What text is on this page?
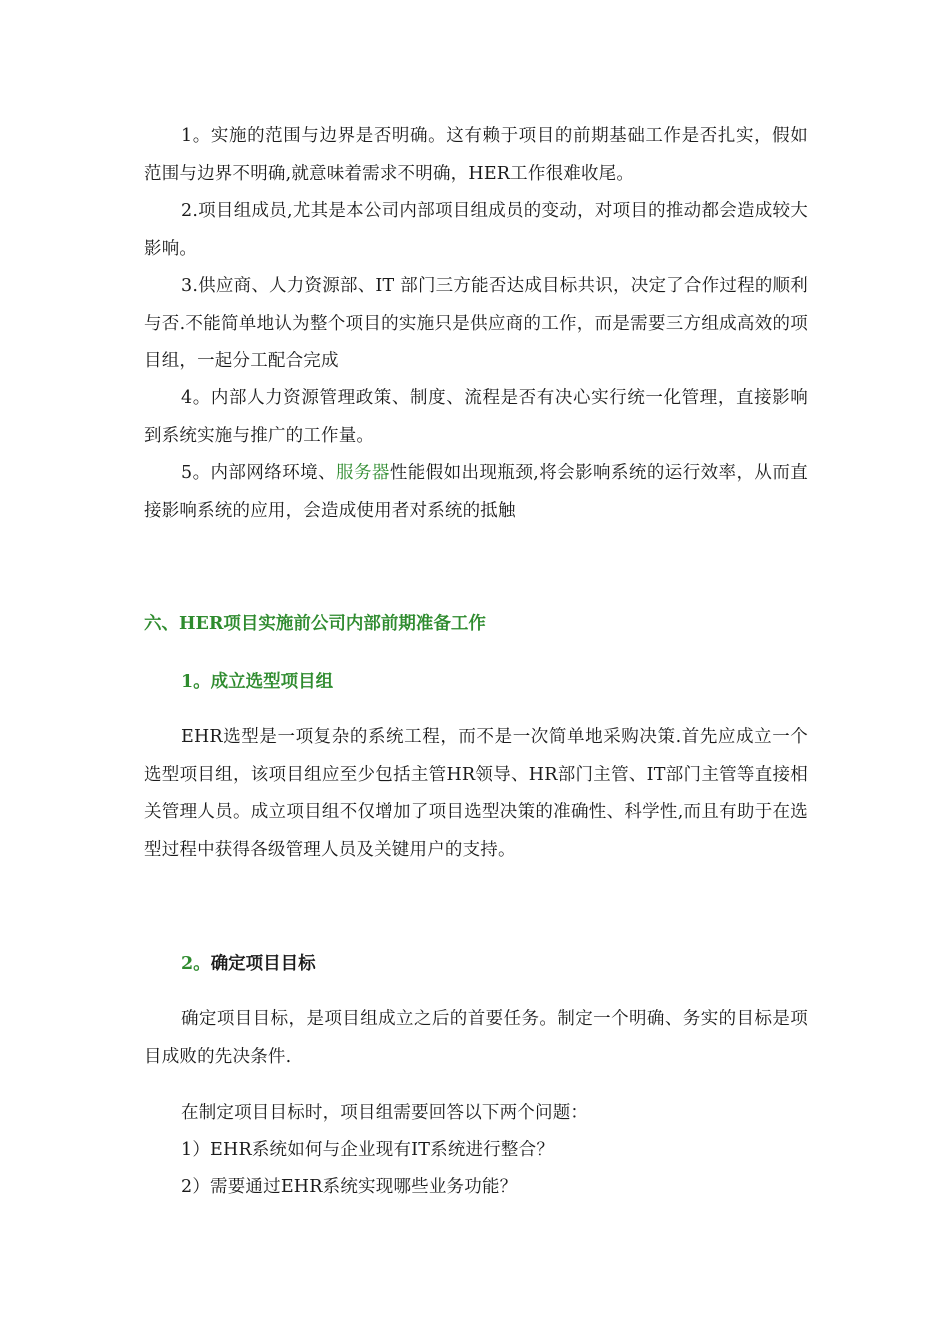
1。实施的范围与边界是否明确。这有赖于项目的前期基础工作是否扎实，假如范围与边界不明确,就意味着需求不明确，HER工作很难收尾。

2.项目组成员,尤其是本公司内部项目组成员的变动，对项目的推动都会造成较大影响。

3.供应商、人力资源部、IT 部门三方能否达成目标共识，决定了合作过程的顺利与否.不能简单地认为整个项目的实施只是供应商的工作，而是需要三方组成高效的项目组，一起分工配合完成

4。内部人力资源管理政策、制度、流程是否有决心实行统一化管理，直接影响到系统实施与推广的工作量。

5。内部网络环境、服务器性能假如出现瓶颈,将会影响系统的运行效率，从而直接影响系统的应用，会造成使用者对系统的抵触

六、HER项目实施前公司内部前期准备工作
1。成立选型项目组

EHR选型是一项复杂的系统工程，而不是一次简单地采购决策.首先应成立一个选型项目组，该项目组应至少包括主管HR领导、HR部门主管、IT部门主管等直接相关管理人员。成立项目组不仅增加了项目选型决策的准确性、科学性,而且有助于在选型过程中获得各级管理人员及关键用户的支持。

2。确定项目目标

确定项目目标，是项目组成立之后的首要任务。制定一个明确、务实的目标是项目成败的先决条件.

在制定项目目标时，项目组需要回答以下两个问题：

1）EHR系统如何与企业现有IT系统进行整合？

2）需要通过EHR系统实现哪些业务功能？
